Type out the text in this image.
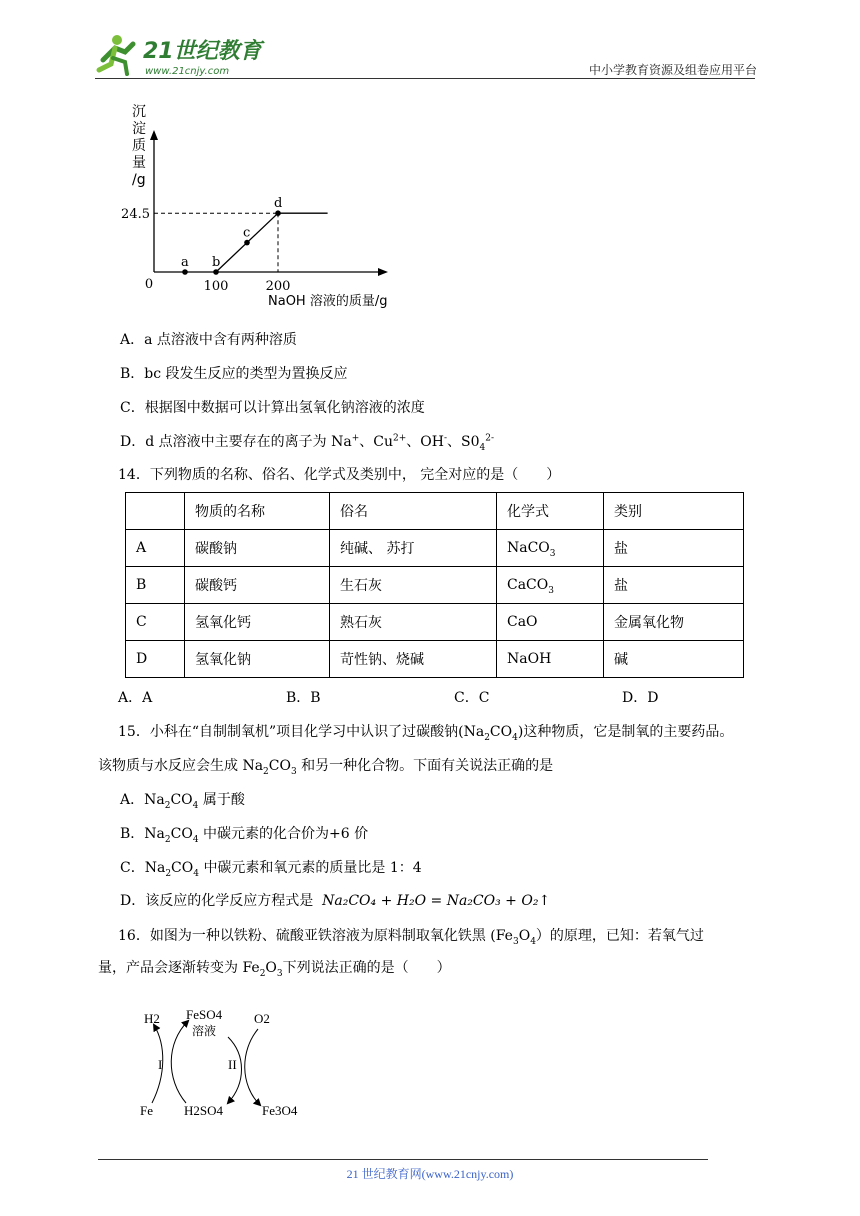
21世纪教育
www.21cnjy.com	中小学教育资源及组卷应用平台
沉
淀
质
量
/g
0
24.5
100	200
a b
c
d
NaOH 溶液的质量/g
A．a 点溶液中含有两种溶质
B．bc 段发生反应的类型为置换反应
C．根据图中数据可以计算出氢氧化钠溶液的浓度
D．d 点溶液中主要存在的离子为 Na+、$Cu^{2+}$、OH-、$S0_4^{2-}$
14．下列物质的名称、俗名、化学式及类别中， 完全对应的是（　　）
	物质的名称	俗名	化学式	类别
A	碳酸钠	纯碱、 苏打	NaCO$_3$	盐
B	碳酸钙	生石灰	CaCO$_3$	盐
C	氢氧化钙	熟石灰	CaO	金属氧化物
D	氢氧化钠	苛性钠、烧碱	NaOH	碱
A．A	B．B	C．C	D．D
15．小科在“自制制氧机”项目化学习中认识了过碳酸钠$(Na_2CO_4)$这种物质，它是制氧的主要药品。
该物质与水反应会生成 $Na_2CO_3$ 和另一种化合物。下面有关说法正确的是
A．$Na_2CO_4$ 属于酸
B．$Na_2CO_4$ 中碳元素的化合价为+6 价
C．$Na_2CO_4$ 中碳元素和氧元素的质量比是 1：4
D．该反应的化学反应方程式是 Na₂CO₄ + H₂O = Na₂CO₃ + O₂↑
16．如图为一种以铁粉、硫酸亚铁溶液为原料制取氧化铁黑 $(Fe_3O_4)$的原理，已知：若氧气过
量，产品会逐渐转变为 $Fe_2O_3$下列说法正确的是（　　）
H2 FeSO4
溶液
O2
Fe H2SO4	Fe3O4
I	II
21 世纪教育网(www.21cnjy.com)
